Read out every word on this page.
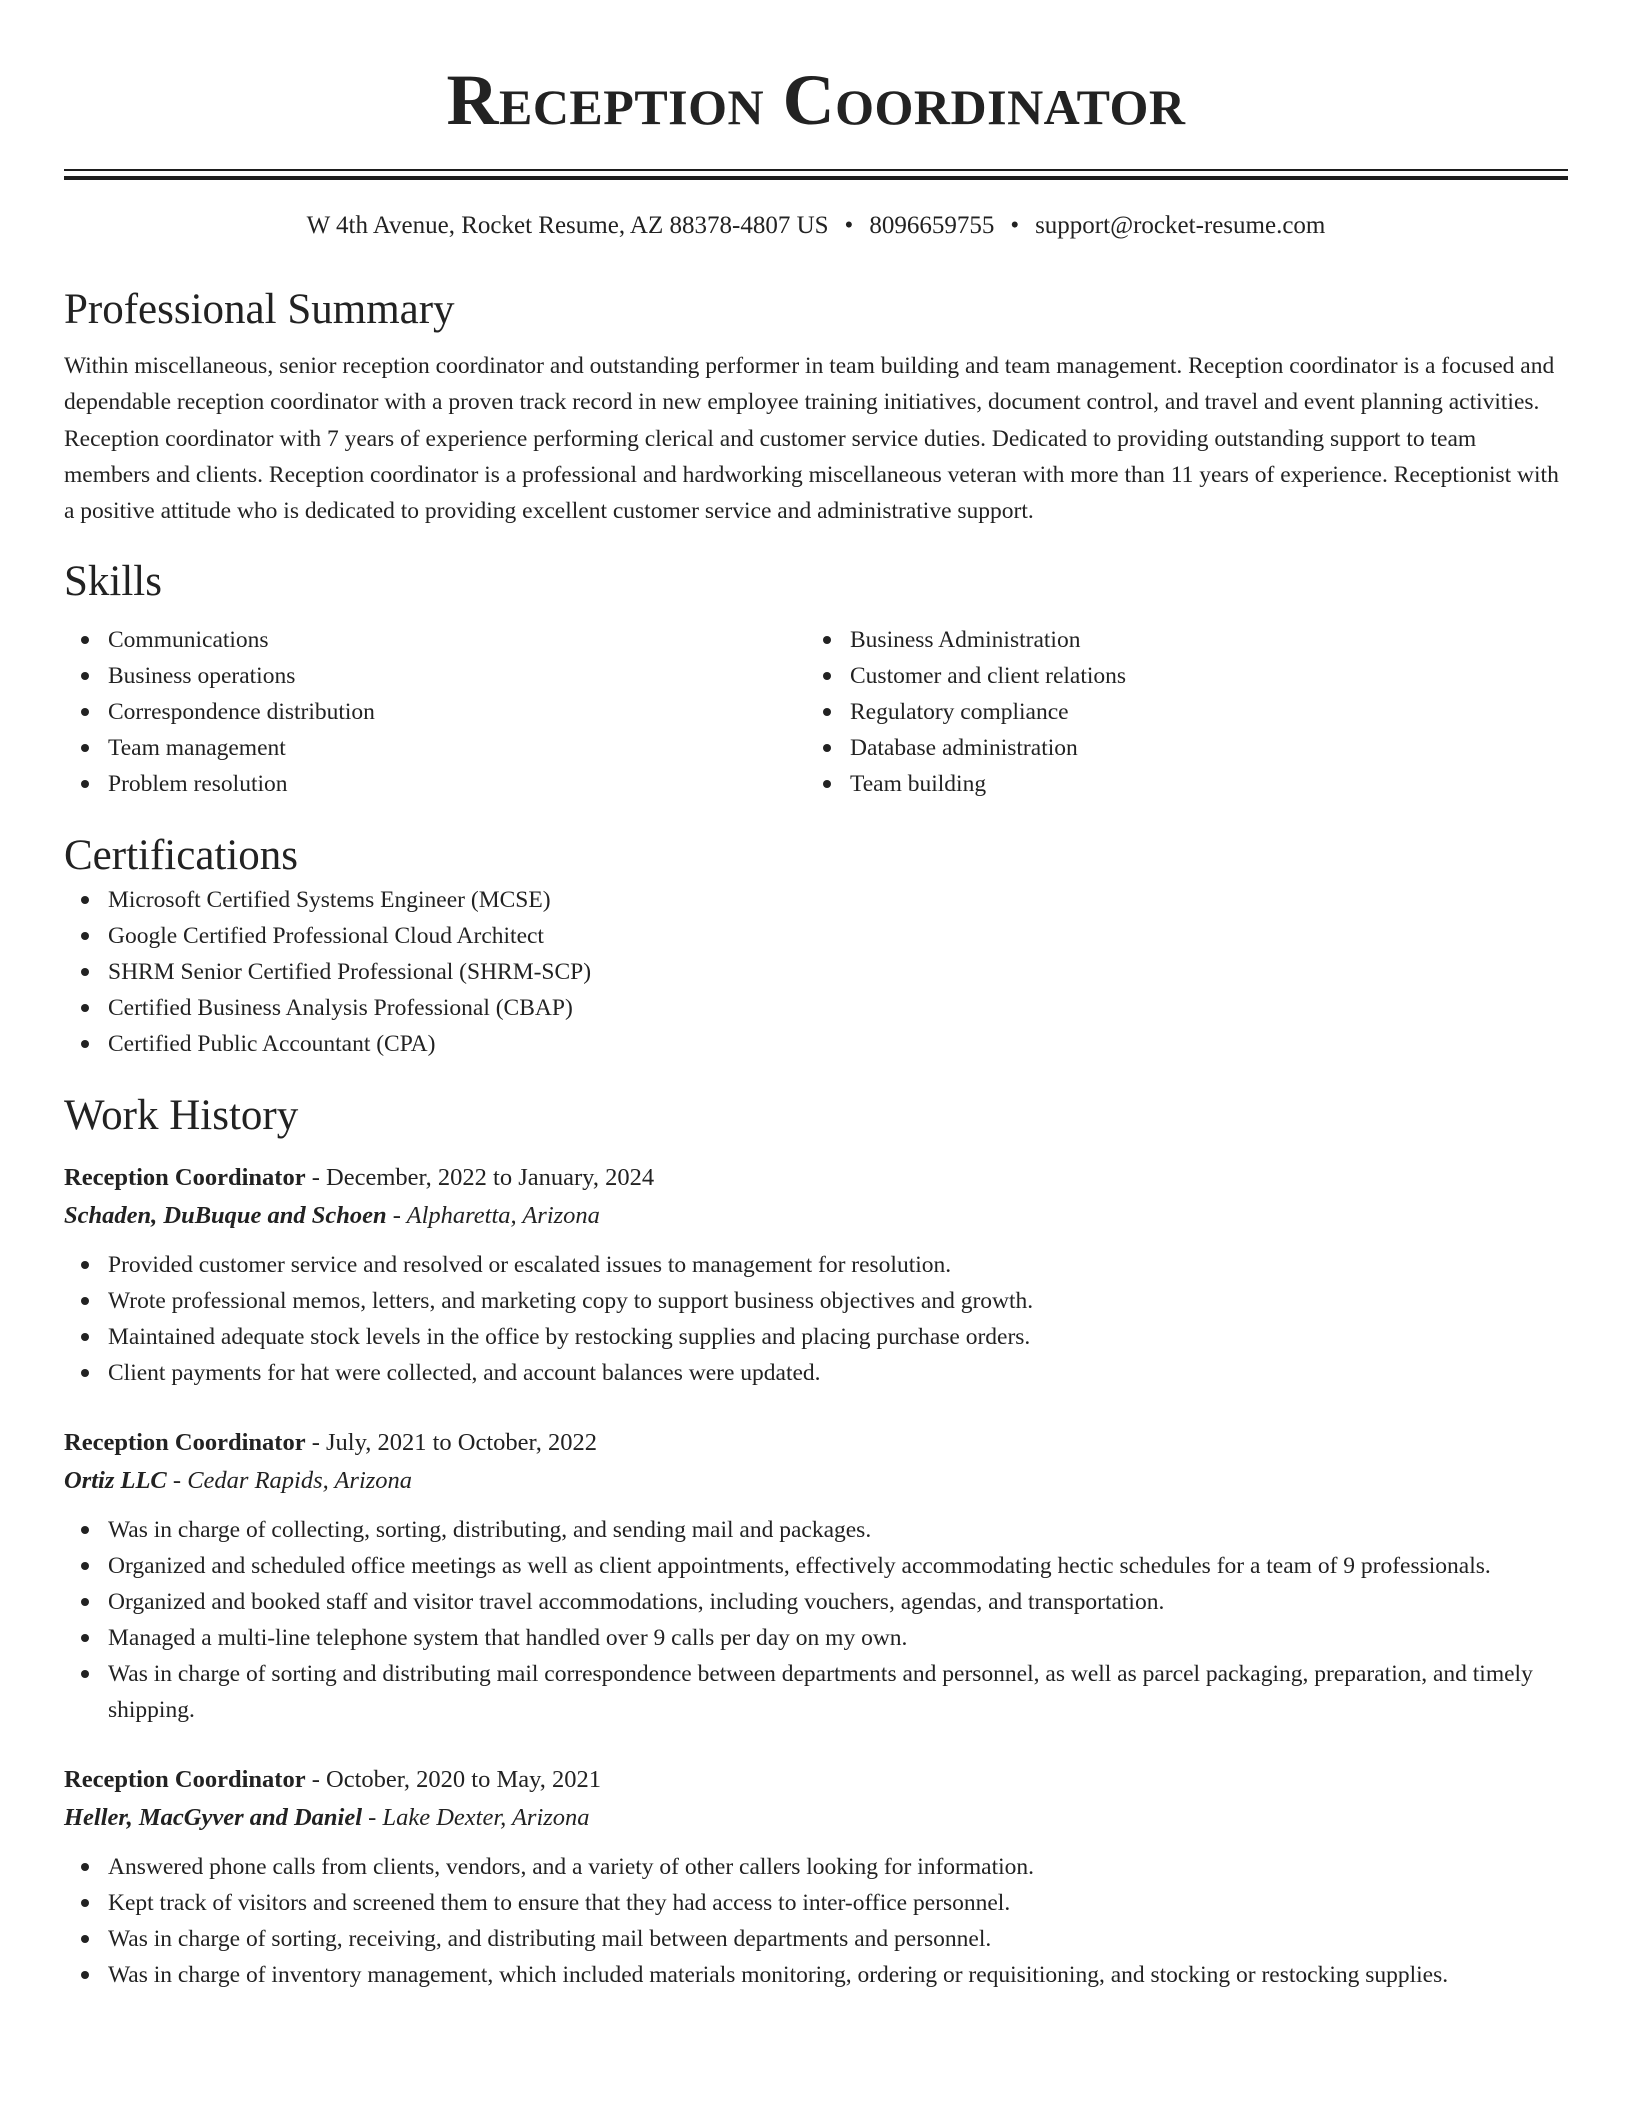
Reception Coordinator
W 4th Avenue, Rocket Resume, AZ 88378-4807 US • 8096659755 • support@rocket-resume.com
Professional Summary

Within miscellaneous, senior reception coordinator and outstanding performer in team building and team management. Reception coordinator is a focused and dependable reception coordinator with a proven track record in new employee training initiatives, document control, and travel and event planning activities. Reception coordinator with 7 years of experience performing clerical and customer service duties. Dedicated to providing outstanding support to team members and clients. Reception coordinator is a professional and hardworking miscellaneous veteran with more than 11 years of experience. Receptionist with a positive attitude who is dedicated to providing excellent customer service and administrative support.

Skills
Communications
Business operations
Correspondence distribution
Team management
Problem resolution
Business Administration
Customer and client relations
Regulatory compliance
Database administration
Team building
Certifications
Microsoft Certified Systems Engineer (MCSE)
Google Certified Professional Cloud Architect
SHRM Senior Certified Professional (SHRM-SCP)
Certified Business Analysis Professional (CBAP)
Certified Public Accountant (CPA)
Work History
Reception Coordinator - December, 2022 to January, 2024
Schaden, DuBuque and Schoen - Alpharetta, Arizona
Provided customer service and resolved or escalated issues to management for resolution.
Wrote professional memos, letters, and marketing copy to support business objectives and growth.
Maintained adequate stock levels in the office by restocking supplies and placing purchase orders.
Client payments for hat were collected, and account balances were updated.
Reception Coordinator - July, 2021 to October, 2022
Ortiz LLC - Cedar Rapids, Arizona
Was in charge of collecting, sorting, distributing, and sending mail and packages.
Organized and scheduled office meetings as well as client appointments, effectively accommodating hectic schedules for a team of 9 professionals.
Organized and booked staff and visitor travel accommodations, including vouchers, agendas, and transportation.
Managed a multi-line telephone system that handled over 9 calls per day on my own.
Was in charge of sorting and distributing mail correspondence between departments and personnel, as well as parcel packaging, preparation, and timely shipping.
Reception Coordinator - October, 2020 to May, 2021
Heller, MacGyver and Daniel - Lake Dexter, Arizona
Answered phone calls from clients, vendors, and a variety of other callers looking for information.
Kept track of visitors and screened them to ensure that they had access to inter-office personnel.
Was in charge of sorting, receiving, and distributing mail between departments and personnel.
Was in charge of inventory management, which included materials monitoring, ordering or requisitioning, and stocking or restocking supplies.
